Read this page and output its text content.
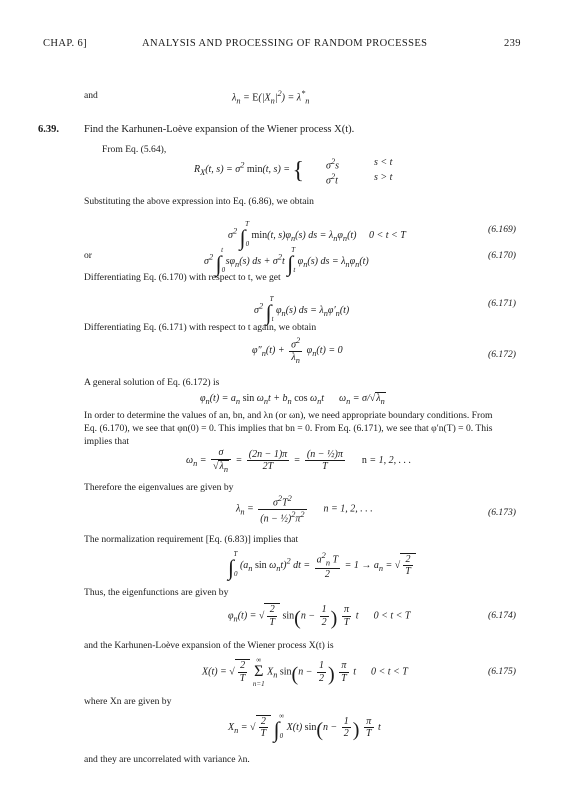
CHAP. 6]	ANALYSIS AND PROCESSING OF RANDOM PROCESSES	239
and	$\lambda_n = E(|X_n|^2) = \lambda^*_n$
6.39. Find the Karhunen-Loève expansion of the Wiener process X(t).
From Eq. (5.64),
$R_X(t$, $s) = \sigma^2$ min(t, s) = { $\sigma^2s$	s < t
$\sigma^2t$	s > t
Substituting the above expression into Eq. (6.86), we obtain
$\sigma^2$ $\int_0^T$ min(t, $s)\varphi_n(s)$ ds = $\lambda_n\varphi_n(t)$     0 < t < T
(6.169)
or
$\sigma^2$ $\int_0^t$ $s\varphi_n(s)$ ds + $\sigma^2t$ $\int_t^T$ $\varphi_n(s)$ ds = $\lambda_n\varphi_n(t)$
(6.170)
Differentiating Eq. (6.170) with respect to t, we get
$\sigma^2$ $\int_t^T$ $\varphi_n(s)$ ds = $\lambda_n\varphi'_n(t)$
(6.171)
Differentiating Eq. (6.171) with respect to t again, we obtain
$\varphi''_n(t) + \frac{\sigma^2}{\lambda_n} \varphi_n(t) = 0$	(6.172)
A general solution of Eq. (6.172) is
$\varphi_n(t) = a_n$ $\sin \omega_nt + b_n$ $\cos \omega_nt$      $\omega_n = \sigma/√\lambda_n$
In order to determine the values of an, bn, and λn (or ωn), we need appropriate boundary conditions. From
Eq. (6.170), we see that φn(0) = 0. This implies that bn = 0. From Eq. (6.171), we see that φ′n(T) = 0. This
implies that
$\omega_n = \frac{\sigma}{√\lambda_n} = \frac{(2n - 1)\pi}{2T} = \frac{\text{(n − ½)π}}{T}$ n = 1, 2, . . .
Therefore the eigenvalues are given by
$\lambda_n = \frac{\sigma^2T^2}{(n - \frac{1}{2})^2\pi^2}$ n = 1, 2, . . .	(6.173)
The normalization requirement [Eq. (6.83)] implies that
$\int_0^T$ ($a_n$ $\sin \omega_nt)^2$ dt = $\frac{a^2_n T}{2} = 1 \to a_n$ = √ $\frac{2}{T}$
Thus, the eigenfunctions are given by
$\varphi_n(t)$ = √ $\frac{2}{T} \sin(n - \frac{1}{2}$ ) $\frac{\pi}{T}$ t      0 < t < T	(6.174)
and the Karhunen-Loève expansion of the Wiener process X(t) is
X(t) = √ $\frac{2}{T}$

∞
Σ
n=1
$X_n$ $\sin(n - \frac{1}{2}$ ) $\frac{\pi}{T}$ t      0 < t < T	(6.175)
where Xn are given by
$X_n$ = √ $\frac{2}{T} \int_0^\infty$ X(t) $\sin(n - \frac{1}{2}$ ) $\frac{\pi}{T}$ t
and they are uncorrelated with variance λn.
